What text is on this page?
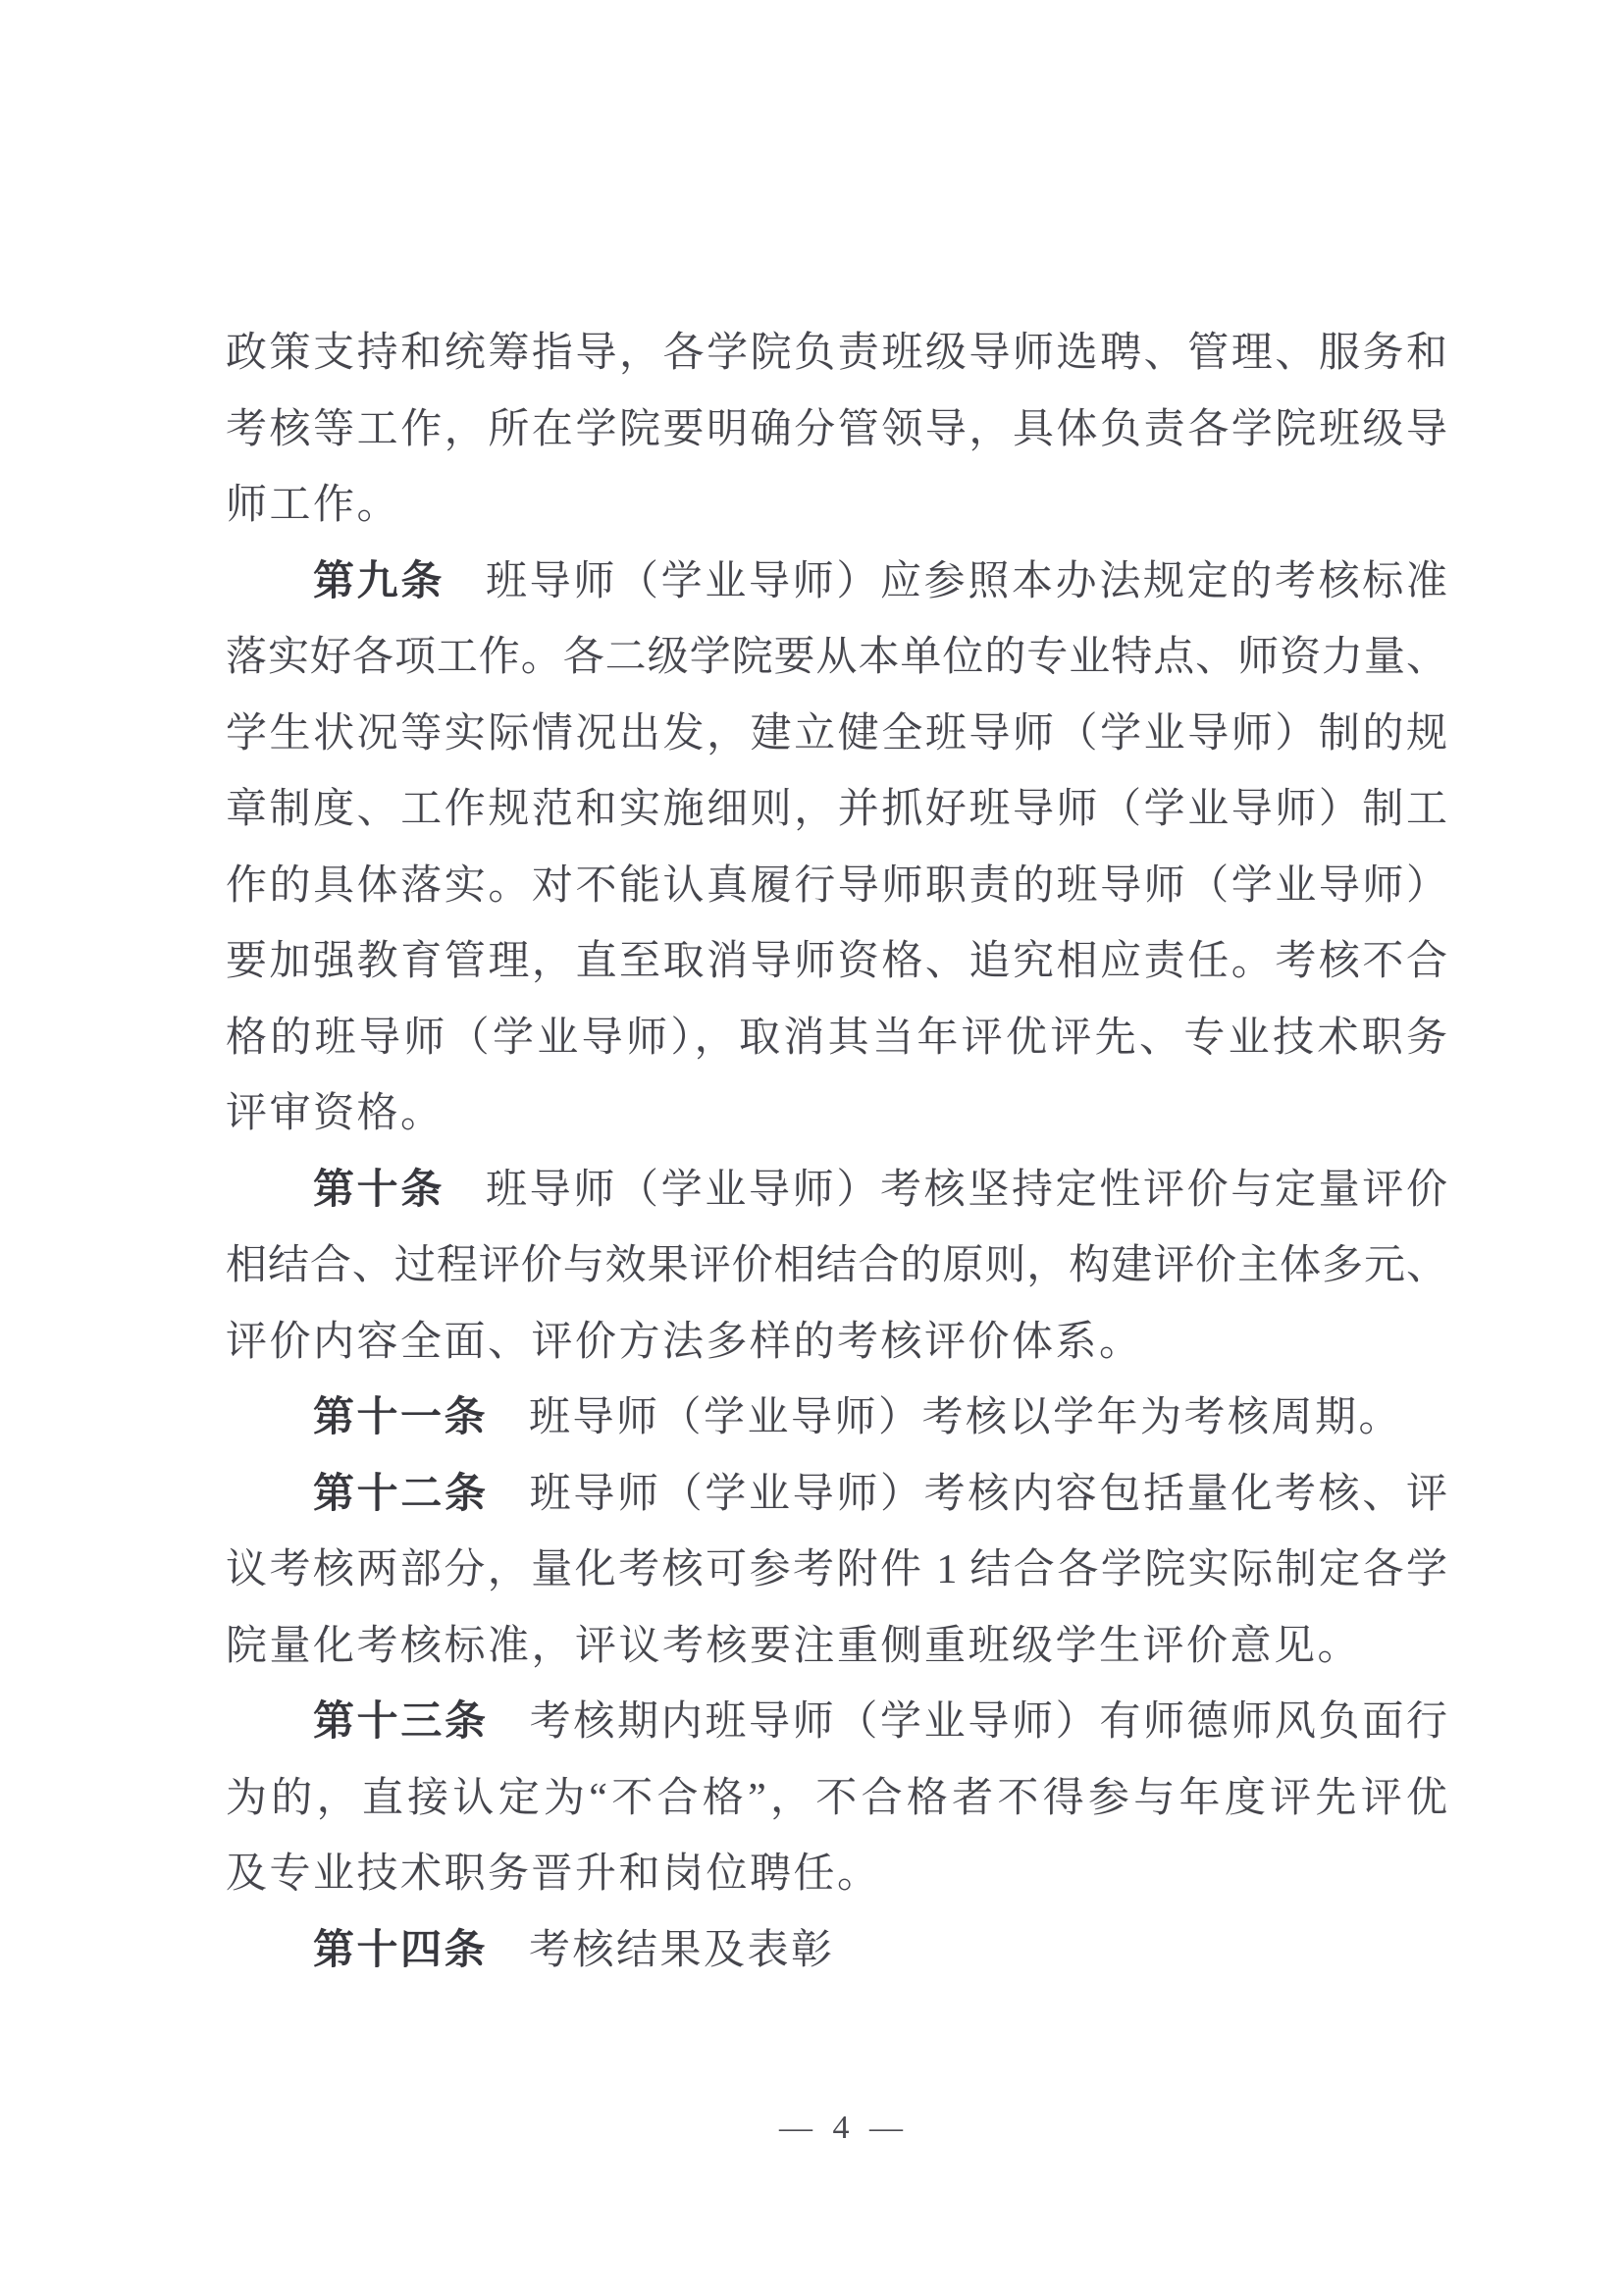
政策支持和统筹指导，各学院负责班级导师选聘、管理、服务和
考核等工作，所在学院要明确分管领导，具体负责各学院班级导
师工作。
第九条 班导师（学业导师）应参照本办法规定的考核标准
落实好各项工作。各二级学院要从本单位的专业特点、师资力量、
学生状况等实际情况出发，建立健全班导师（学业导师）制的规
章制度、工作规范和实施细则，并抓好班导师（学业导师）制工
作的具体落实。对不能认真履行导师职责的班导师（学业导师）
要加强教育管理，直至取消导师资格、追究相应责任。考核不合
格的班导师（学业导师），取消其当年评优评先、专业技术职务
评审资格。
第十条 班导师（学业导师）考核坚持定性评价与定量评价
相结合、过程评价与效果评价相结合的原则，构建评价主体多元、
评价内容全面、评价方法多样的考核评价体系。
第十一条 班导师（学业导师）考核以学年为考核周期。
第十二条 班导师（学业导师）考核内容包括量化考核、评
议考核两部分，量化考核可参考附件 1 结合各学院实际制定各学
院量化考核标准，评议考核要注重侧重班级学生评价意见。
第十三条 考核期内班导师（学业导师）有师德师风负面行
为的，直接认定为“不合格”，不合格者不得参与年度评先评优
及专业技术职务晋升和岗位聘任。
第十四条 考核结果及表彰
— 4 —
